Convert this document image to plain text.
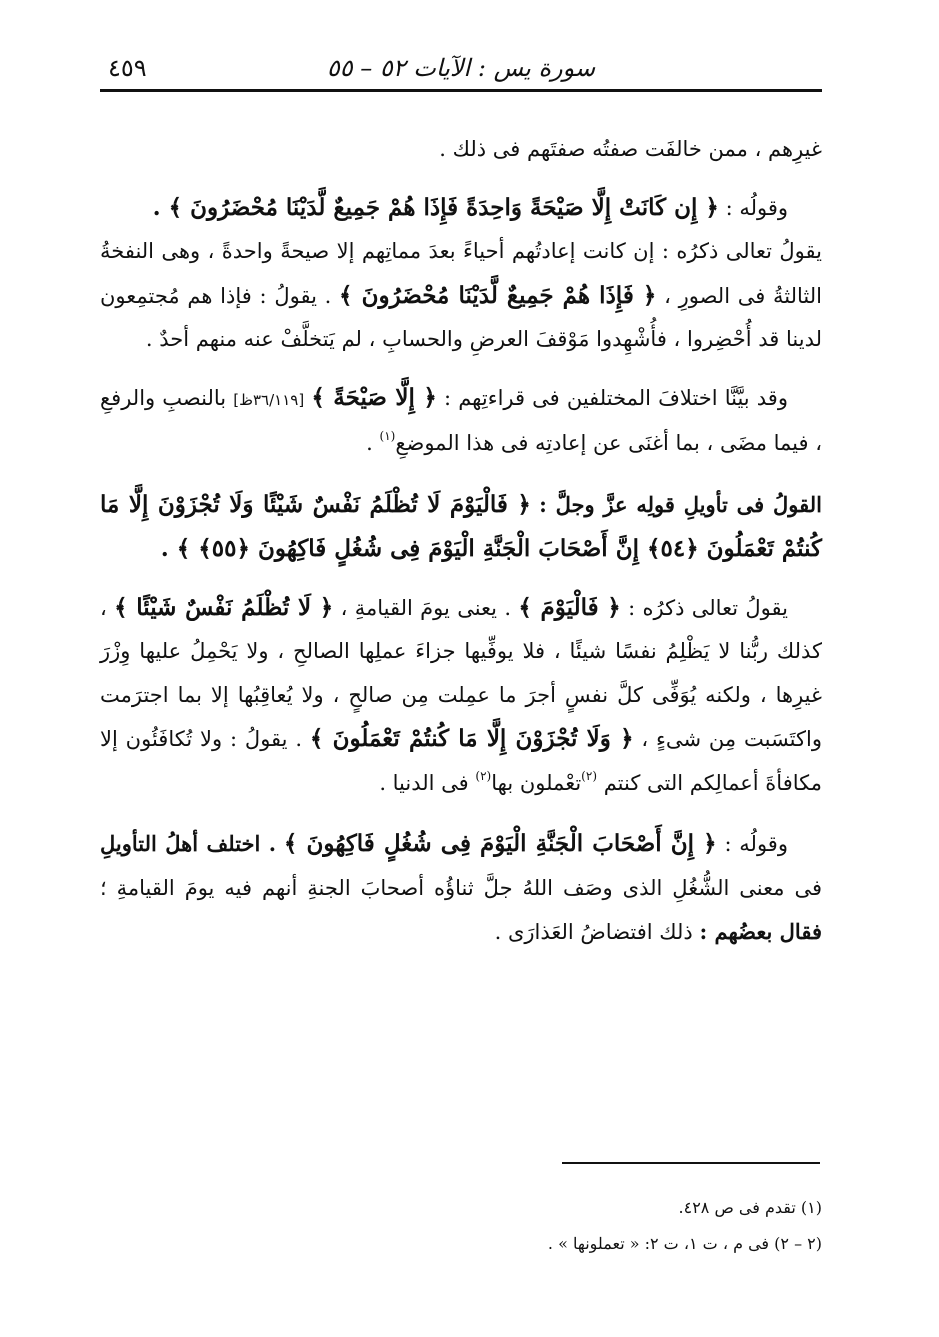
سورة يس : الآيات ٥٢ – ٥٥
٤٥٩

غيرِهم ، ممن خالفَت صفتُه صفتَهم فى ذلك .

وقولُه : ﴿ إِن كَانَتْ إِلَّا صَيْحَةً وَاحِدَةً فَإِذَا هُمْ جَمِيعٌ لَّدَيْنَا مُحْضَرُونَ ﴾ .

يقولُ تعالى ذكرُه : إن كانت إعادتُهم أحياءً بعدَ مماتِهم إلا صيحةً واحدةً ، وهى النفخةُ الثالثةُ فى الصورِ ، ﴿ فَإِذَا هُمْ جَمِيعٌ لَّدَيْنَا مُحْضَرُونَ ﴾ . يقولُ : فإذا هم مُجتمِعون لدينا قد أُحْضِروا ، فأُشْهِدوا مَوْقفَ العرضِ والحسابِ ، لم يَتخلَّفْ عنه منهم أحدٌ .

وقد بيَّنَّا اختلافَ المختلفين فى قراءتِهم : ﴿ إِلَّا صَيْحَةً ﴾ [٣٦/١١٩ظ] بالنصبِ والرفعِ ، فيما مضَى ، بما أغنَى عن إعادتِه فى هذا الموضعِ$^{(١)}$ .

القولُ فى تأويلِ قولِه عزَّ وجلَّ : ﴿ فَالْيَوْمَ لَا تُظْلَمُ نَفْسٌ شَيْئًا وَلَا تُجْزَوْنَ إِلَّا مَا كُنتُمْ تَعْمَلُونَ ﴿٥٤﴾ إِنَّ أَصْحَابَ الْجَنَّةِ الْيَوْمَ فِى شُغُلٍ فَاكِهُونَ ﴿٥٥﴾ ﴾ .

يقولُ تعالى ذكرُه : ﴿ فَالْيَوْمَ ﴾ . يعنى يومَ القيامةِ ، ﴿ لَا تُظْلَمُ نَفْسٌ شَيْئًا ﴾ ، كذلك ربُّنا لا يَظْلِمُ نفسًا شيئًا ، فلا يوفِّيها جزاءَ عملِها الصالحِ ، ولا يَحْمِلُ عليها وِزْرَ غيرِها ، ولكنه يُوَفِّى كلَّ نفسٍ أجرَ ما عمِلت مِن صالحٍ ، ولا يُعاقِبُها إلا بما اجترَمت واكتَسَبت مِن شىءٍ ، ﴿ وَلَا تُجْزَوْنَ إِلَّا مَا كُنتُمْ تَعْمَلُونَ ﴾ . يقولُ : ولا تُكافَئُون إلا مكافأةَ أعمالِكم التى كنتم $^{(٢)}$تعْملون بها$^{(٢)}$ فى الدنيا .

وقولُه : ﴿ إِنَّ أَصْحَابَ الْجَنَّةِ الْيَوْمَ فِى شُغُلٍ فَاكِهُونَ ﴾ . اختلف أهلُ التأويلِ فى معنى الشُّغُلِ الذى وصَف اللهُ جلَّ ثناؤُه أصحابَ الجنةِ أنهم فيه يومَ القيامةِ ؛ فقال بعضُهم : ذلك افتضاضُ العَذارَى .

(١) تقدم فى ص ٤٢٨.

(٢ – ٢) فى م ، ت ١، ت ٢: « تعملونها » .
